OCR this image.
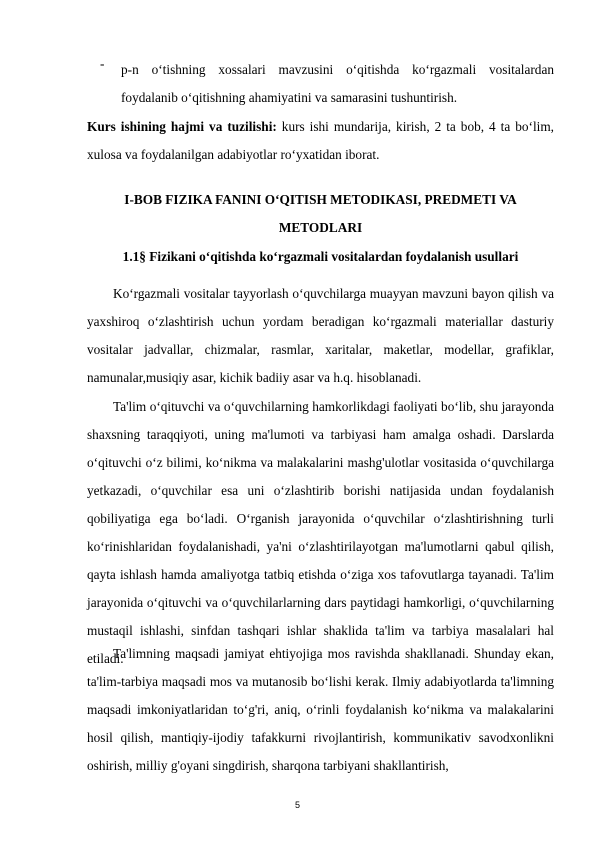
- p-n o‘tishning xossalari mavzusini o‘qitishda ko‘rgazmali vositalardan foydalanib o‘qitishning ahamiyatini va samarasini tushuntirish.

Kurs ishining hajmi va tuzilishi: kurs ishi mundarija, kirish, 2 ta bob, 4 ta bo‘lim, xulosa va foydalanilgan adabiyotlar ro‘yxatidan iborat.

I-BOB FIZIKA FANINI O‘QITISH METODIKASI, PREDMETI VA METODLARI

1.1§ Fizikani o‘qitishda ko‘rgazmali vositalardan foydalanish usullari

Ko‘rgazmali vositalar tayyorlash o‘quvchilarga muayyan mavzuni bayon qilish va yaxshiroq o‘zlashtirish uchun yordam beradigan ko‘rgazmali materiallar dasturiy vositalar jadvallar, chizmalar, rasmlar, xaritalar, maketlar, modellar, grafiklar, namunalar,musiqiy asar, kichik badiiy asar va h.q. hisoblanadi.

Ta'lim o‘qituvchi va o‘quvchilarning hamkorlikdagi faoliyati bo‘lib, shu jarayonda shaxsning taraqqiyoti, uning ma'lumoti va tarbiyasi ham amalga oshadi. Darslarda o‘qituvchi o‘z bilimi, ko‘nikma va malakalarini mashg'ulotlar vositasida o‘quvchilarga yetkazadi, o‘quvchilar esa uni o‘zlashtirib borishi natijasida undan foydalanish qobiliyatiga ega bo‘ladi. O‘rganish jarayonida o‘quvchilar o‘zlashtirishning turli ko‘rinishlaridan foydalanishadi, ya'ni o‘zlashtirilayotgan ma'lumotlarni qabul qilish, qayta ishlash hamda amaliyotga tatbiq etishda o‘ziga xos tafovutlarga tayanadi. Ta'lim jarayonida o‘qituvchi va o‘quvchilarlarning dars paytidagi hamkorligi, o‘quvchilarning mustaqil ishlashi, sinfdan tashqari ishlar shaklida ta'lim va tarbiya masalalari hal etiladi.

Ta'limning maqsadi jamiyat ehtiyojiga mos ravishda shakllanadi. Shunday ekan, ta'lim-tarbiya maqsadi mos va mutanosib bo‘lishi kerak. Ilmiy adabiyotlarda ta'limning maqsadi imkoniyatlaridan to‘g'ri, aniq, o‘rinli foydalanish ko‘nikma va malakalarini hosil qilish, mantiqiy-ijodiy tafakkurni rivojlantirish, kommunikativ savodxonlikni oshirish, milliy g'oyani singdirish, sharqona tarbiyani shakllantirish,

5
